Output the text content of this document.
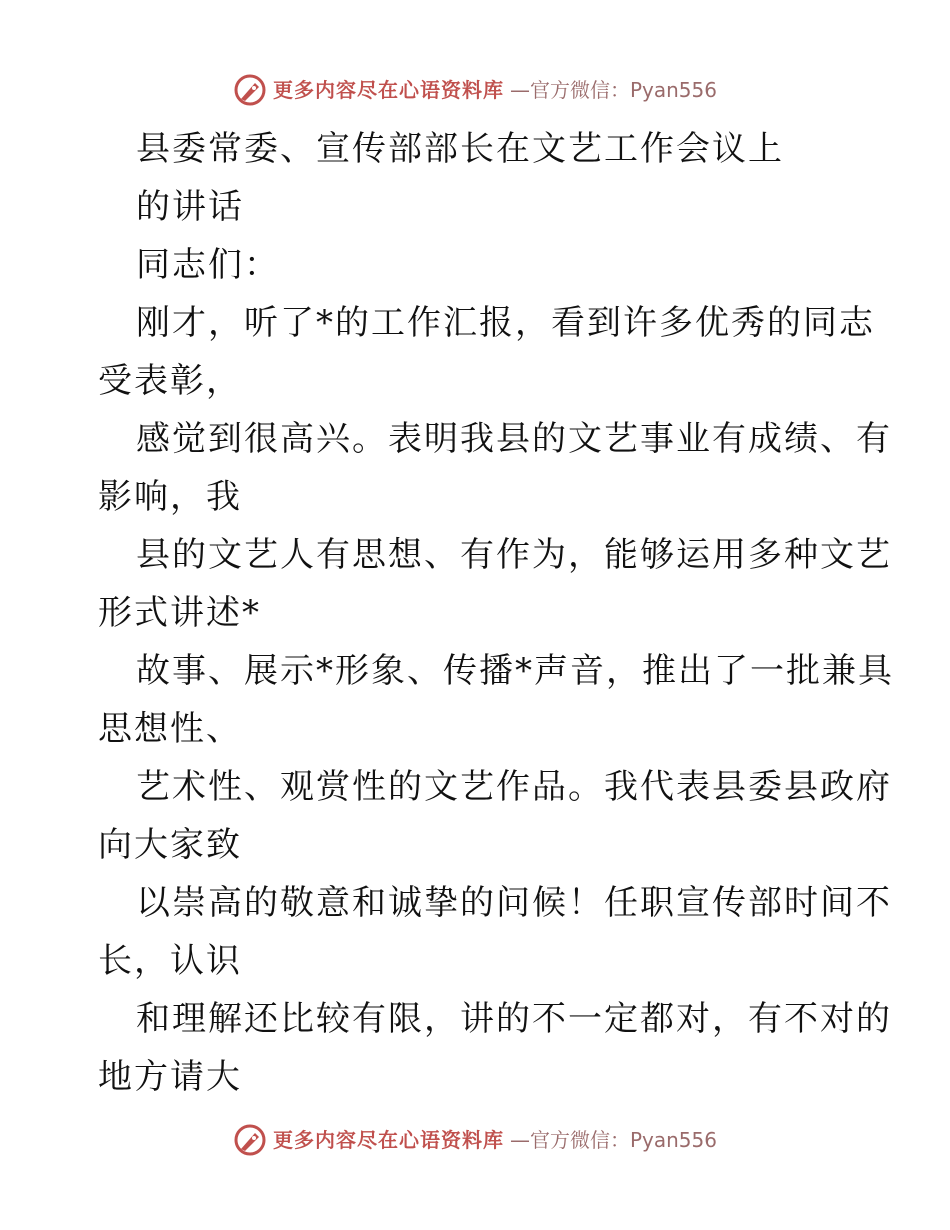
更多内容尽在心语资料库 —官方微信：Pyan556

县委常委、宣传部部长在文艺工作会议上

的讲话

同志们：

刚才，听了*的工作汇报，看到许多优秀的同志

受表彰，

感觉到很高兴。表明我县的文艺事业有成绩、有

影响，我

县的文艺人有思想、有作为，能够运用多种文艺

形式讲述*

故事、展示*形象、传播*声音，推出了一批兼具

思想性、

艺术性、观赏性的文艺作品。我代表县委县政府

向大家致

以崇高的敬意和诚挚的问候！任职宣传部时间不

长，认识

和理解还比较有限，讲的不一定都对，有不对的

地方请大

更多内容尽在心语资料库 —官方微信：Pyan556
